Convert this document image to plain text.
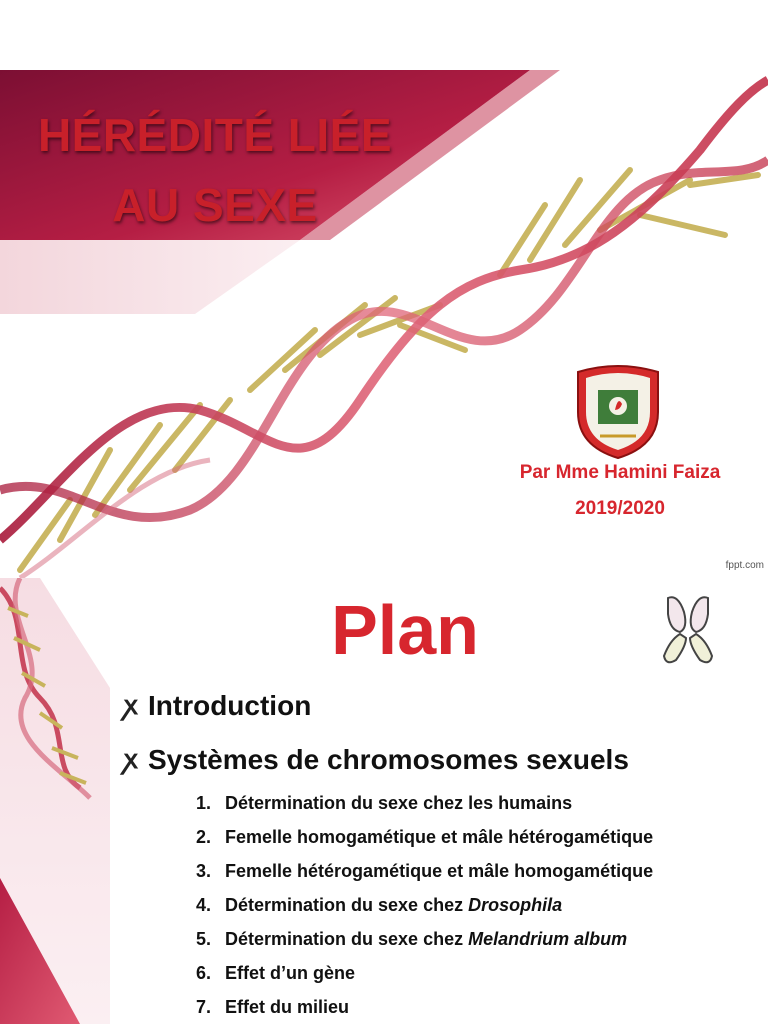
HÉRÉDITÉ LIÉE
AU SEXE
Par Mme Hamini Faiza
2019/2020
fppt.com
Plan
ꭗ Introduction
ꭗ Systèmes de chromosomes sexuels
1. Détermination du sexe chez les humains
2. Femelle homogamétique et mâle hétérogamétique
3. Femelle hétérogamétique et mâle homogamétique
4. Détermination du sexe chez Drosophila
5. Détermination du sexe chez Melandrium album
6. Effet d’un gène
7. Effet du milieu
